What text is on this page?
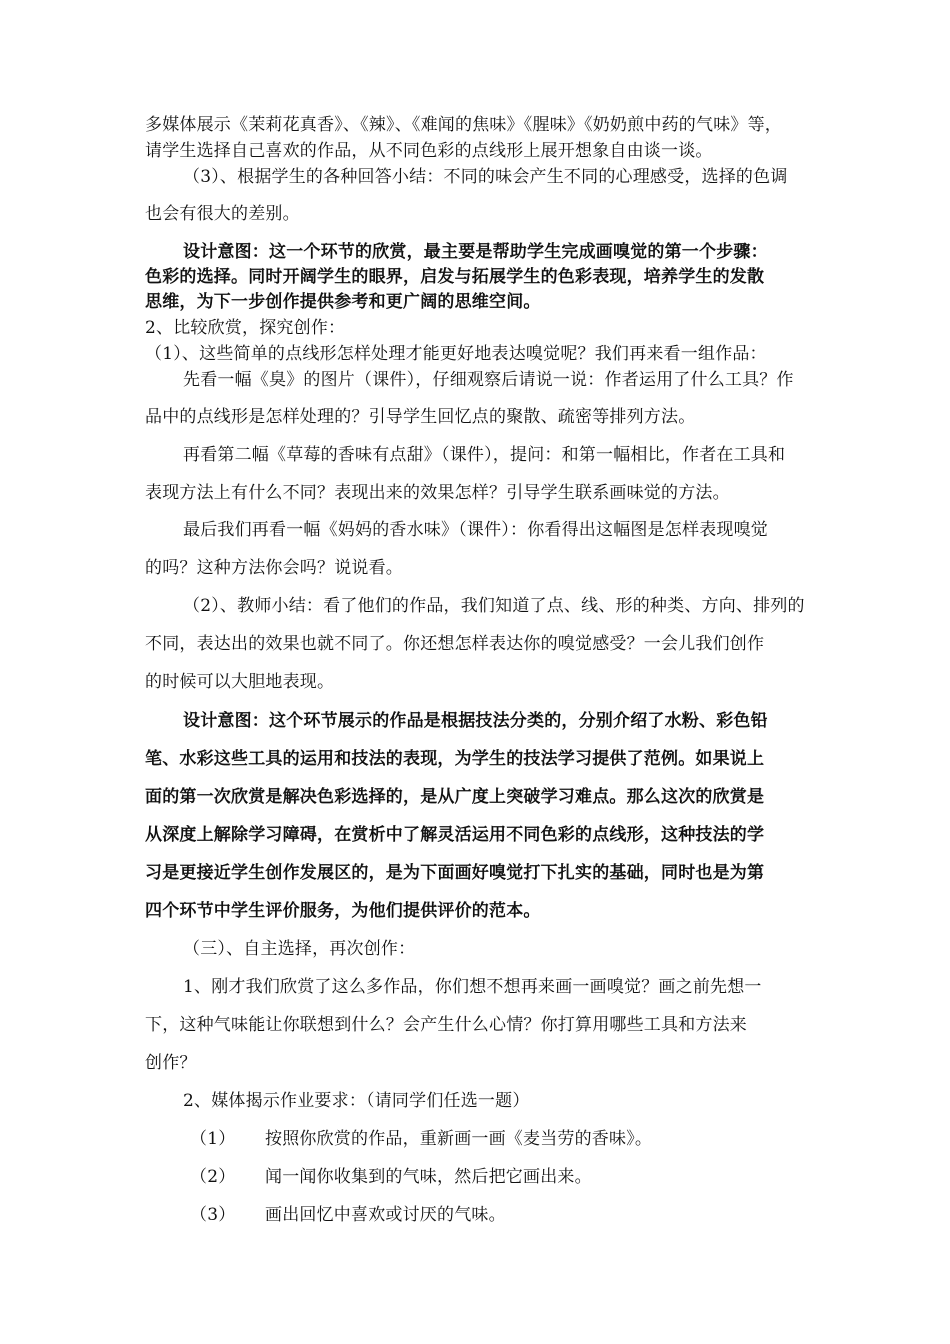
多媒体展示《茉莉花真香》、《辣》、《难闻的焦味》《腥味》《奶奶煎中药的气味》等，
请学生选择自己喜欢的作品，从不同色彩的点线形上展开想象自由谈一谈。
（3）、根据学生的各种回答小结：不同的味会产生不同的心理感受，选择的色调
也会有很大的差别。
设计意图：这一个环节的欣赏，最主要是帮助学生完成画嗅觉的第一个步骤：
色彩的选择。同时开阔学生的眼界，启发与拓展学生的色彩表现，培养学生的发散
思维，为下一步创作提供参考和更广阔的思维空间。
2、比较欣赏，探究创作：
（1）、这些简单的点线形怎样处理才能更好地表达嗅觉呢？我们再来看一组作品：
先看一幅《臭》的图片（课件），仔细观察后请说一说：作者运用了什么工具？作
品中的点线形是怎样处理的？引导学生回忆点的聚散、疏密等排列方法。
再看第二幅《草莓的香味有点甜》（课件），提问：和第一幅相比，作者在工具和
表现方法上有什么不同？表现出来的效果怎样？引导学生联系画味觉的方法。
最后我们再看一幅《妈妈的香水味》（课件）：你看得出这幅图是怎样表现嗅觉
的吗？这种方法你会吗？说说看。
（2）、教师小结：看了他们的作品，我们知道了点、线、形的种类、方向、排列的
不同，表达出的效果也就不同了。你还想怎样表达你的嗅觉感受？一会儿我们创作
的时候可以大胆地表现。
设计意图：这个环节展示的作品是根据技法分类的，分别介绍了水粉、彩色铅
笔、水彩这些工具的运用和技法的表现，为学生的技法学习提供了范例。如果说上
面的第一次欣赏是解决色彩选择的，是从广度上突破学习难点。那么这次的欣赏是
从深度上解除学习障碍，在赏析中了解灵活运用不同色彩的点线形，这种技法的学
习是更接近学生创作发展区的，是为下面画好嗅觉打下扎实的基础，同时也是为第
四个环节中学生评价服务，为他们提供评价的范本。
（三）、自主选择，再次创作：
1、刚才我们欣赏了这么多作品，你们想不想再来画一画嗅觉？画之前先想一
下，这种气味能让你联想到什么？会产生什么心情？你打算用哪些工具和方法来
创作？
2、媒体揭示作业要求：（请同学们任选一题）
（1） 按照你欣赏的作品，重新画一画《麦当劳的香味》。
（2） 闻一闻你收集到的气味，然后把它画出来。
（3） 画出回忆中喜欢或讨厌的气味。
